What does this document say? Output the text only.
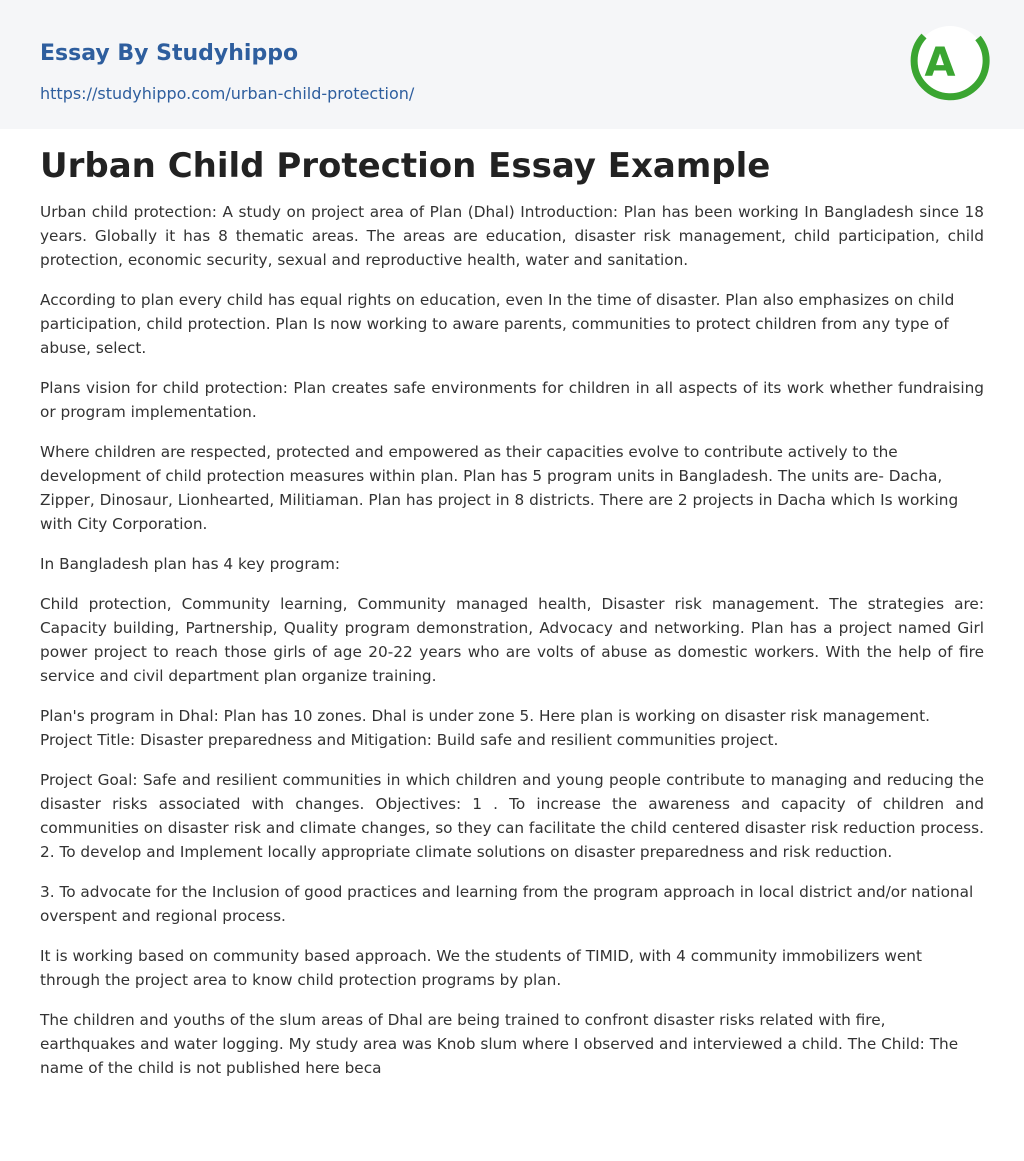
Essay By Studyhippo
https://studyhippo.com/urban-child-protection/
A
Urban Child Protection Essay Example

Urban child protection: A study on project area of Plan (Dhal) Introduction: Plan has been working In Bangladesh since 18 years. Globally it has 8 thematic areas. The areas are education, disaster risk management, child participation, child protection, economic security, sexual and reproductive health, water and sanitation.

According to plan every child has equal rights on education, even In the time of disaster. Plan also emphasizes on child participation, child protection. Plan Is now working to aware parents, communities to protect children from any type of abuse, select.

Plans vision for child protection: Plan creates safe environments for children in all aspects of its work whether fundraising or program implementation.

Where children are respected, protected and empowered as their capacities evolve to contribute actively to the development of child protection measures within plan. Plan has 5 program units in Bangladesh. The units are- Dacha, Zipper, Dinosaur, Lionhearted, Militiaman. Plan has project in 8 districts. There are 2 projects in Dacha which Is working with City Corporation.

In Bangladesh plan has 4 key program:

Child protection, Community learning, Community managed health, Disaster risk management. The strategies are: Capacity building, Partnership, Quality program demonstration, Advocacy and networking. Plan has a project named Girl power project to reach those girls of age 20-22 years who are volts of abuse as domestic workers. With the help of fire service and civil department plan organize training.

Plan's program in Dhal: Plan has 10 zones. Dhal is under zone 5. Here plan is working on disaster risk management. Project Title: Disaster preparedness and Mitigation: Build safe and resilient communities project.

Project Goal: Safe and resilient communities in which children and young people contribute to managing and reducing the disaster risks associated with changes. Objectives: 1 . To increase the awareness and capacity of children and communities on disaster risk and climate changes, so they can facilitate the child centered disaster risk reduction process. 2. To develop and Implement locally appropriate climate solutions on disaster preparedness and risk reduction.

3. To advocate for the Inclusion of good practices and learning from the program approach in local district and/or national overspent and regional process.

It is working based on community based approach. We the students of TIMID, with 4 community immobilizers went through the project area to know child protection programs by plan.

The children and youths of the slum areas of Dhal are being trained to confront disaster risks related with fire, earthquakes and water logging. My study area was Knob slum where I observed and interviewed a child. The Child: The name of the child is not published here beca
